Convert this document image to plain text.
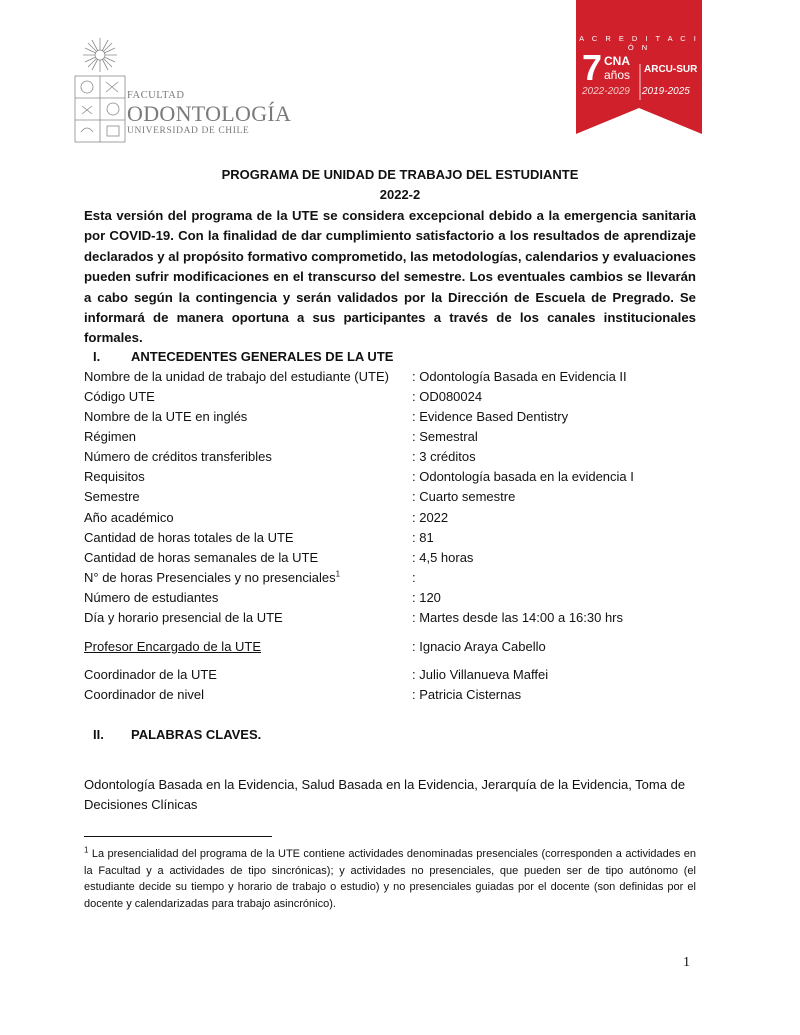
FACULTAD
ODONTOLOGÍA
UNIVERSIDAD DE CHILE
A C R E D I T A C I Ó N
7 CNA
años
2022-2029
ARCU-SUR
2019-2025
PROGRAMA DE UNIDAD DE TRABAJO DEL ESTUDIANTE
2022-2
Esta versión del programa de la UTE se considera excepcional debido a la emergencia sanitaria por COVID-19. Con la finalidad de dar cumplimiento satisfactorio a los resultados de aprendizaje declarados y al propósito formativo comprometido, las metodologías, calendarios y evaluaciones pueden sufrir modificaciones en el transcurso del semestre. Los eventuales cambios se llevarán a cabo según la contingencia y serán validados por la Dirección de Escuela de Pregrado. Se informará de manera oportuna a sus participantes a través de los canales institucionales formales.
I. ANTECEDENTES GENERALES DE LA UTE
Nombre de la unidad de trabajo del estudiante (UTE) : Odontología Basada en Evidencia II
Código UTE	: OD080024
Nombre de la UTE en inglés	: Evidence Based Dentistry
Régimen	: Semestral
Número de créditos transferibles	: 3 créditos
Requisitos	: Odontología basada en la evidencia I
Semestre	: Cuarto semestre
Año académico	: 2022
Cantidad de horas totales de la UTE	: 81
Cantidad de horas semanales de la UTE	: 4,5 horas
N° de horas Presenciales y no presenciales$^1$	:
Número de estudiantes	: 120
Día y horario presencial de la UTE	: Martes desde las 14:00 a 16:30 hrs
Profesor Encargado de la UTE	: Ignacio Araya Cabello
Coordinador de la UTE	: Julio Villanueva Maffei
Coordinador de nivel	: Patricia Cisternas
II. PALABRAS CLAVES.
Odontología Basada en la Evidencia, Salud Basada en la Evidencia, Jerarquía de la Evidencia, Toma de Decisiones Clínicas
$^1$ La presencialidad del programa de la UTE contiene actividades denominadas presenciales (corresponden a actividades en la Facultad y a actividades de tipo sincrónicas); y actividades no presenciales, que pueden ser de tipo autónomo (el estudiante decide su tiempo y horario de trabajo o estudio) y no presenciales guiadas por el docente (son definidas por el docente y calendarizadas para trabajo asincrónico).
1
